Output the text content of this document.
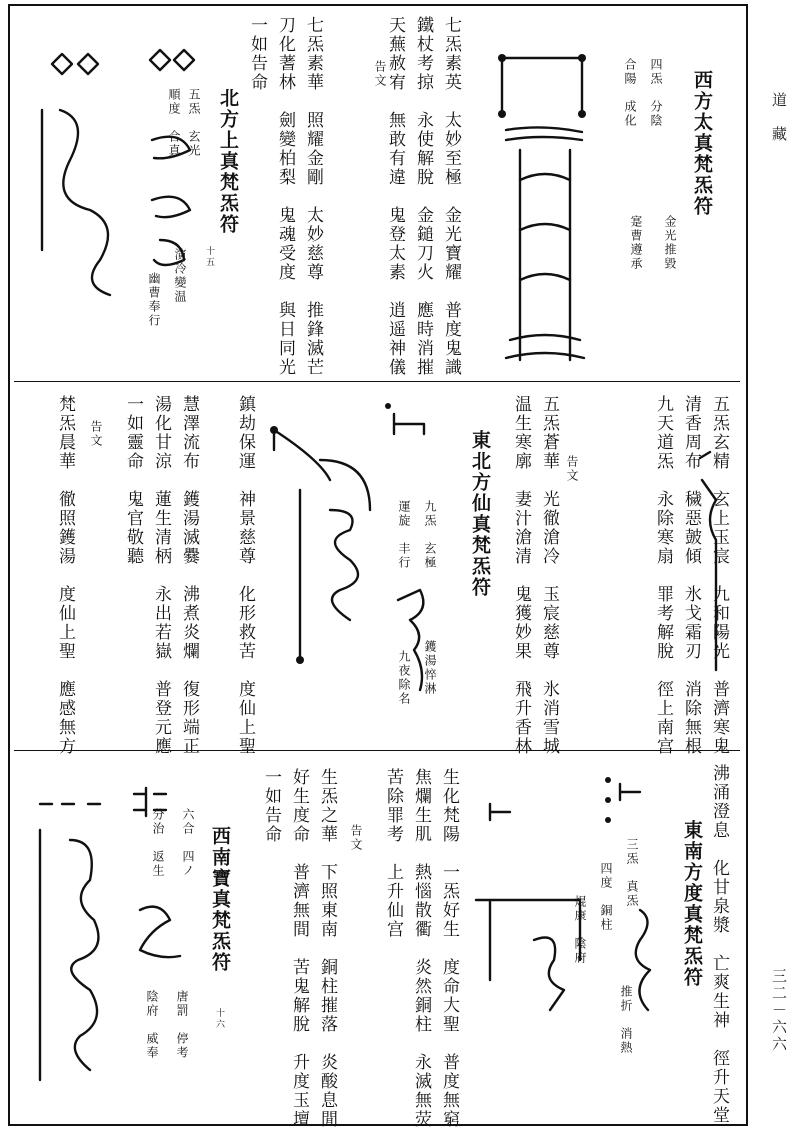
道　藏
三二－六六
西方太真梵炁符
四炁　分陰
合陽　成化
金光推毀
寔曹遵承
告文	七炁素英　太妙至極　金光寶耀　普度鬼識
鐵杖考掠　永使解脫　金鎚刀火　應時消摧
天蕪赦宥　無敢有違　鬼登太素　逍遥神儀
刀化蓍林　劍變柏梨　鬼魂受度　與日同光 七炁素華　照耀金剛　太妙慈尊　推鋒滅芒
一如告命
北方上真梵炁符
五炁　玄光
順度　合真
演冷變温
幽曹奉行
十五
五炁玄精　玄上玉宸　九和陽光　普濟寒鬼
清香周布　穢惡皷傾　氷戈霜刃　消除無根
九天道炁　永除寒扇　罪考解脫　徑上南宫
告文
五炁蒼華　光徹滄冷　玉宸慈尊　氷消雪城
温生寒廓　妻汁滄清　鬼獲妙果　飛升香林
東北方仙真梵炁符
九炁　玄極
運旋　丰行
鑊湯悴淋
九夜除名
鎮劫保運　神景慈尊　化形救苦　度仙上聖
慧澤流布　鑊湯滅爨　沸煮炎爛　復形端正
湯化甘涼　蓮生清柄　永出若嶽　普登元應
一如靈命　鬼官敬聽
告文
梵炁晨華　徹照鑊湯　度仙上聖　應感無方
沸涌澄息　化甘泉漿　亡爽生神　徑升天堂
東南方度真梵炁符
三炁　真炁
四度　銅柱
焜康　陰府
推折　消熱
生化梵陽　一炁好生　度命大聖　普度無窮
焦爛生肌　熱惱散衢　炎然銅柱　永滅無荧
苦除罪考　上升仙宫
告文
生炁之華　下照東南　銅柱摧落　炎酸息閒
好生度命　普濟無間　苦鬼解脫　升度玉壇
一如告命
西南寶真梵炁符
六合　四ノ
分治　返生
陰府　威奉 唐罰　停考	十六
